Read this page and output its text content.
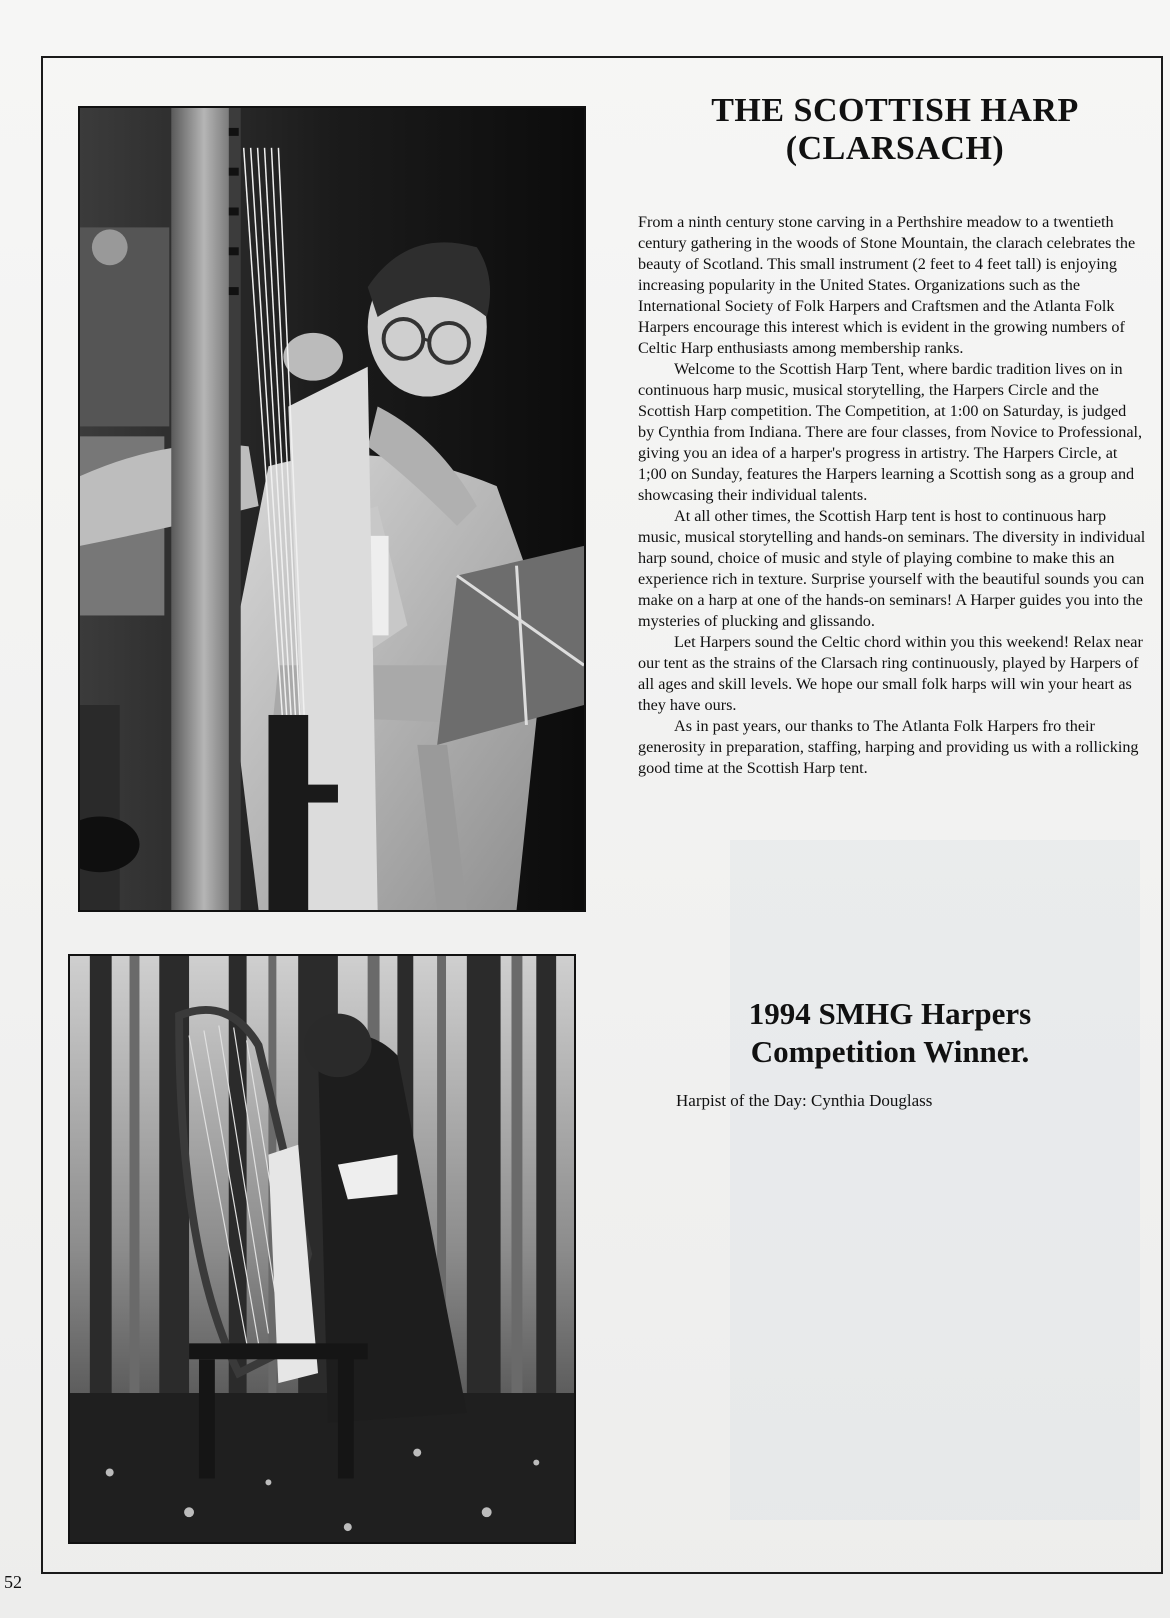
THE SCOTTISH HARP
(CLARSACH)

From a ninth century stone carving in a Perthshire meadow to a twentieth century gathering in the woods of Stone Mountain, the clarach celebrates the beauty of Scotland. This small instrument (2 feet to 4 feet tall) is enjoying increasing popularity in the United States. Organizations such as the International Society of Folk Harpers and Craftsmen and the Atlanta Folk Harpers encourage this interest which is evident in the growing numbers of Celtic Harp enthusiasts among membership ranks.

Welcome to the Scottish Harp Tent, where bardic tradition lives on in continuous harp music, musical storytelling, the Harpers Circle and the Scottish Harp competition. The Competition, at 1:00 on Saturday, is judged by Cynthia from Indiana. There are four classes, from Novice to Professional, giving you an idea of a harper's progress in artistry. The Harpers Circle, at 1;00 on Sunday, features the Harpers learning a Scottish song as a group and showcasing their individual talents.

At all other times, the Scottish Harp tent is host to continuous harp music, musical storytelling and hands-on seminars. The diversity in individual harp sound, choice of music and style of playing combine to make this an experience rich in texture. Surprise yourself with the beautiful sounds you can make on a harp at one of the hands-on seminars! A Harper guides you into the mysteries of plucking and glissando.

Let Harpers sound the Celtic chord within you this weekend! Relax near our tent as the strains of the Clarsach ring continuously, played by Harpers of all ages and skill levels. We hope our small folk harps will win your heart as they have ours.

As in past years, our thanks to The Atlanta Folk Harpers fro their generosity in preparation, staffing, harping and providing us with a rollicking good time at the Scottish Harp tent.

1994 SMHG Harpers
Competition Winner.

Harpist of the Day: Cynthia Douglass

52
